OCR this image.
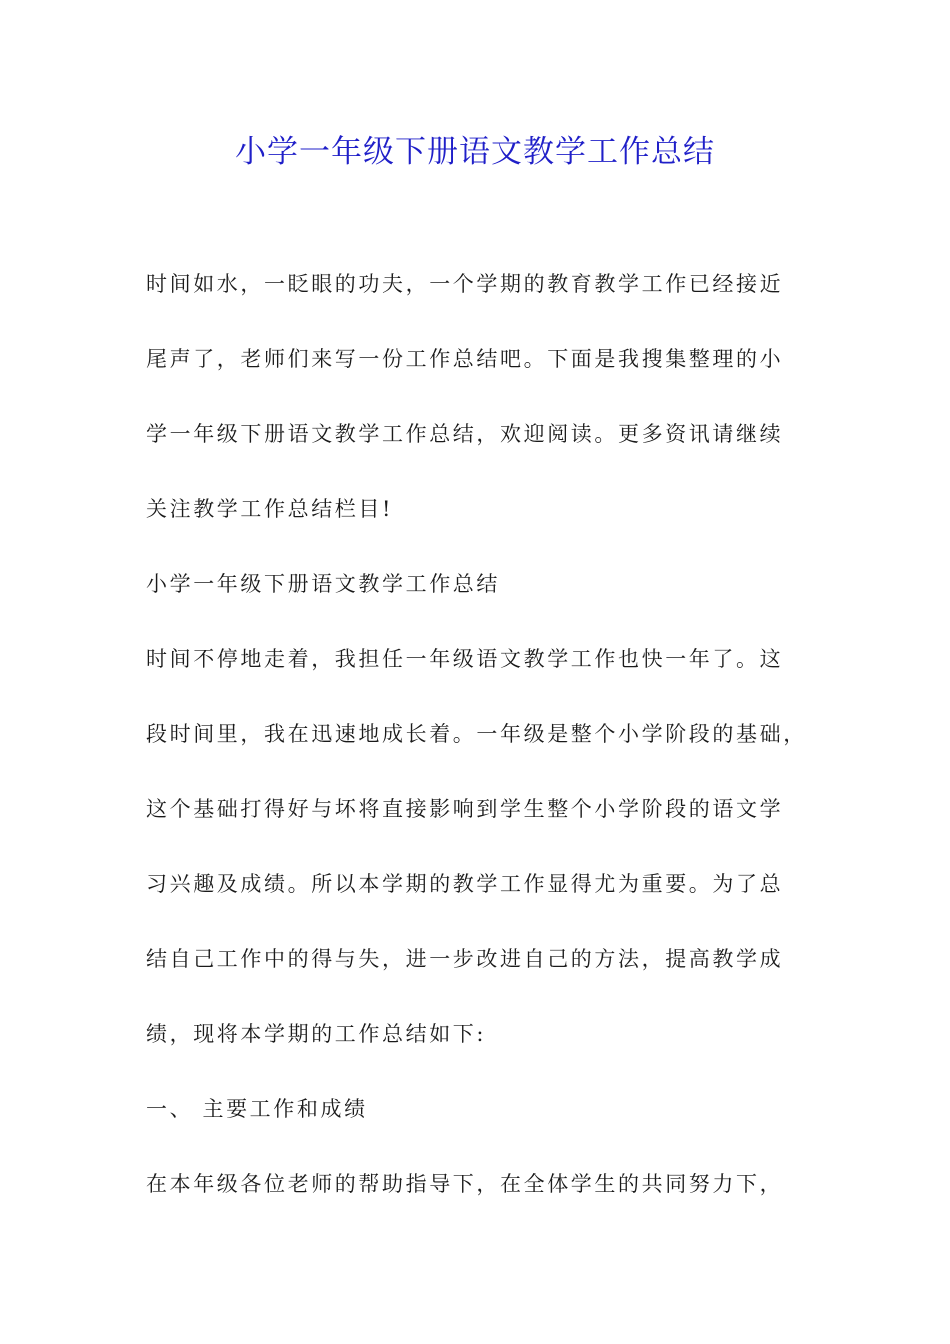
小学一年级下册语文教学工作总结
时间如水，一眨眼的功夫，一个学期的教育教学工作已经接近
尾声了，老师们来写一份工作总结吧。下面是我搜集整理的小
学一年级下册语文教学工作总结，欢迎阅读。更多资讯请继续
关注教学工作总结栏目!
小学一年级下册语文教学工作总结
时间不停地走着，我担任一年级语文教学工作也快一年了。这
段时间里，我在迅速地成长着。一年级是整个小学阶段的基础，
这个基础打得好与坏将直接影响到学生整个小学阶段的语文学
习兴趣及成绩。所以本学期的教学工作显得尤为重要。为了总
结自己工作中的得与失，进一步改进自己的方法，提高教学成
绩，现将本学期的工作总结如下:
一、 主要工作和成绩
在本年级各位老师的帮助指导下，在全体学生的共同努力下，
